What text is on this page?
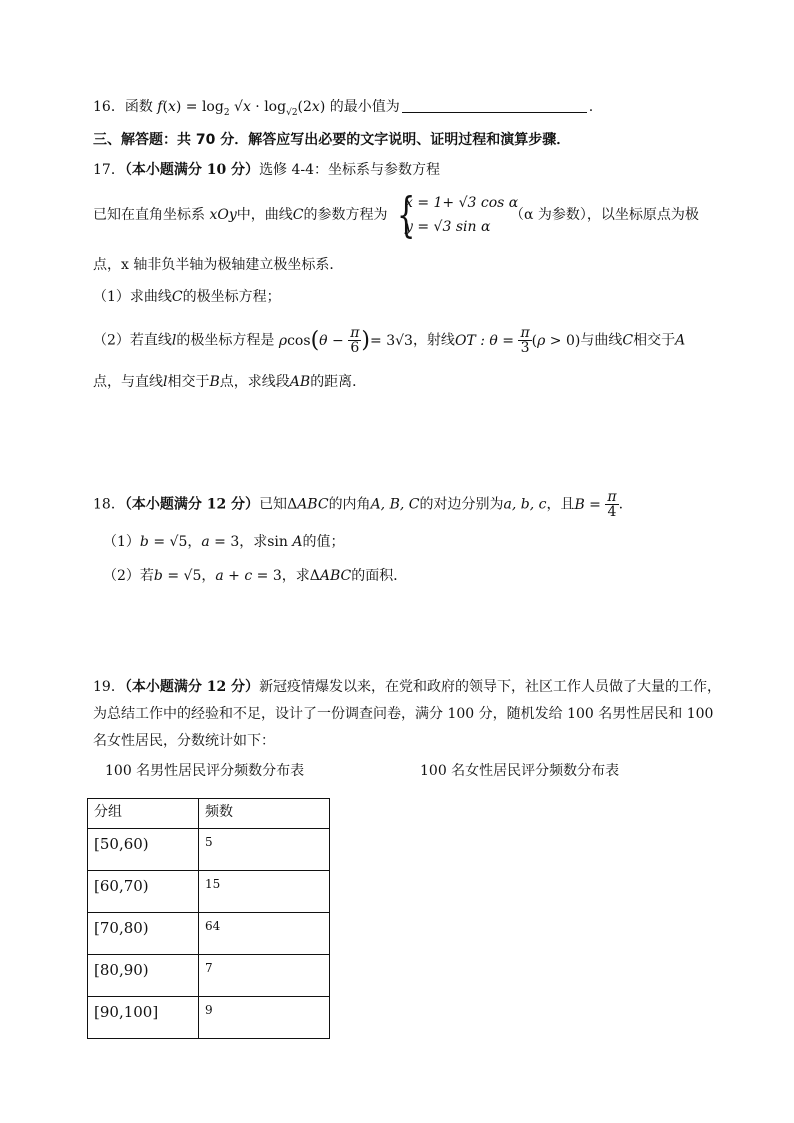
16．函数 $f(x) = \log_2 √x \cdot \log_{√2}(2x)$ 的最小值为	.
三、解答题：共 70 分．解答应写出必要的文字说明、证明过程和演算步骤．
17．（本小题满分 10 分）选修 4-4：坐标系与参数方程
已知在直角坐标系 xOy中，曲线C的参数方程为 {
x = 1+ √3 cos α
y = √3 sin α
（α 为参数），以坐标原点为极
点，x 轴非负半轴为极轴建立极坐标系．
（1）求曲线C的极坐标方程；
（2）若直线l的极坐标方程是 $\rho\cos(\theta - \frac{\pi}{6}$ )= 3√3，射线OT : $\theta = \frac{\pi}{3} (\rho > 0)$与曲线C相交于A
点，与直线l相交于B点，求线段AB的距离．
18．（本小题满分 12 分）已知ΔABC的内角A, B, C的对边分别为a, b, c，且$B = \frac{\pi}{4}$ .
（1）b = √5，a = 3，求sin A的值；
（2）若b = √5，a + c = 3，求ΔABC的面积．
19．（本小题满分 12 分）新冠疫情爆发以来，在党和政府的领导下，社区工作人员做了大量的工作，
为总结工作中的经验和不足，设计了一份调查问卷，满分 100 分，随机发给 100 名男性居民和 100
名女性居民，分数统计如下：
100 名男性居民评分频数分布表	100 名女性居民评分频数分布表
分组	频数
[50,60)	5
[60,70)	15
[70,80)	64
[80,90)	7
[90,100]	9
